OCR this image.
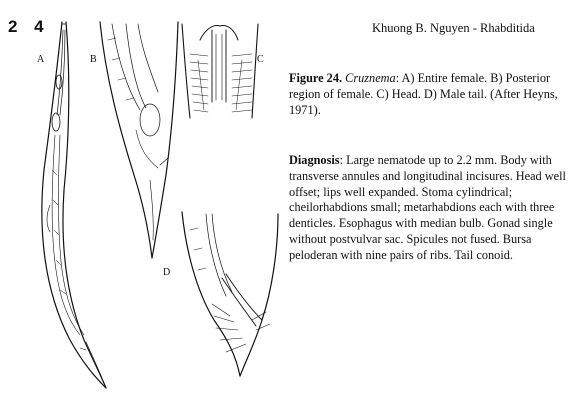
2 4	Khuong B. Nguyen - Rhabditida
A	B	C
D
Figure 24. Cruznema: A) Entire female. B) Posterior region of female. C) Head. D) Male tail. (After Heyns, 1971).
Diagnosis: Large nematode up to 2.2 mm. Body with transverse annules and longitudinal incisures. Head well offset; lips well expanded. Stoma cylindrical; cheilorhabdions small; metarhabdions each with three denticles. Esophagus with median bulb. Gonad single without postvulvar sac. Spicules not fused. Bursa peloderan with nine pairs of ribs. Tail conoid.
